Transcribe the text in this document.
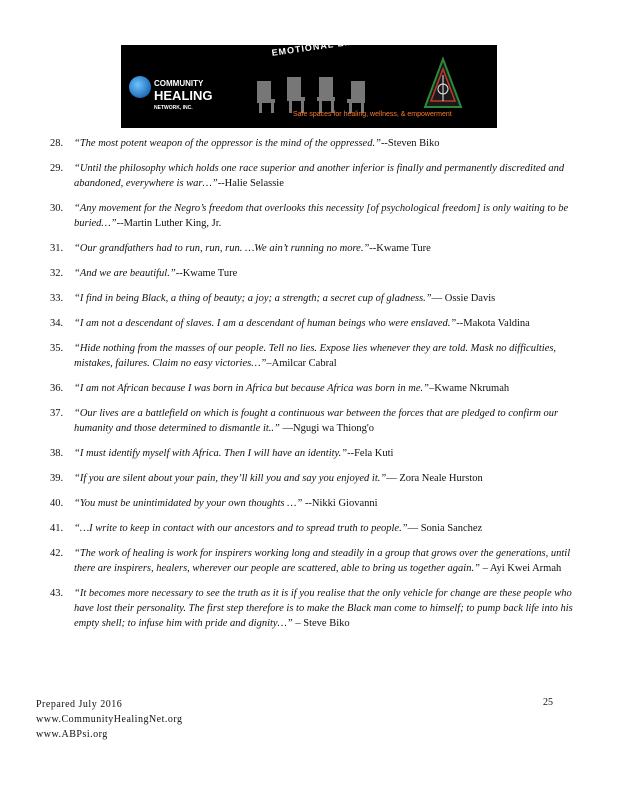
COMMUNITY
HEALING
NETWORK, INC.
EMOTIONAL EMANCIPATION CIRCLES
Safe spaces for healing, wellness, & empowerment
28. “The most potent weapon of the oppressor is the mind of the oppressed.”--Steven Biko
29. “Until the philosophy which holds one race superior and another inferior is finally and permanently discredited and abandoned, everywhere is war…”--Halie Selassie
30. “Any movement for the Negro’s freedom that overlooks this necessity [of psychological freedom] is only waiting to be buried…”--Martin Luther King, Jr.
31. “Our grandfathers had to run, run, run. …We ain’t running no more.”--Kwame Ture
32. “And we are beautiful.”--Kwame Ture
33. “I find in being Black, a thing of beauty; a joy; a strength; a secret cup of gladness.”— Ossie Davis
34. “I am not a descendant of slaves. I am a descendant of human beings who were enslaved.”--Makota Valdina
35. “Hide nothing from the masses of our people. Tell no lies. Expose lies whenever they are told. Mask no difficulties, mistakes, failures. Claim no easy victories…”–Amilcar Cabral
36. “I am not African because I was born in Africa but because Africa was born in me.”–Kwame Nkrumah
37. “Our lives are a battlefield on which is fought a continuous war between the forces that are pledged to confirm our humanity and those determined to dismantle it..” —Ngugi wa Thiong'o
38. “I must identify myself with Africa. Then I will have an identity.”--Fela Kuti
39. “If you are silent about your pain, they’ll kill you and say you enjoyed it.”— Zora Neale Hurston
40. “You must be unintimidated by your own thoughts …” --Nikki Giovanni
41. “…I write to keep in contact with our ancestors and to spread truth to people.”— Sonia Sanchez
42. “The work of healing is work for inspirers working long and steadily in a group that grows over the generations, until there are inspirers, healers, wherever our people are scattered, able to bring us together again.” – Ayi Kwei Armah
43. “It becomes more necessary to see the truth as it is if you realise that the only vehicle for change are these people who have lost their personality. The first step therefore is to make the Black man come to himself; to pump back life into his empty shell; to infuse him with pride and dignity…” – Steve Biko
Prepared July 2016
www.CommunityHealingNet.org
www.ABPsi.org
25
